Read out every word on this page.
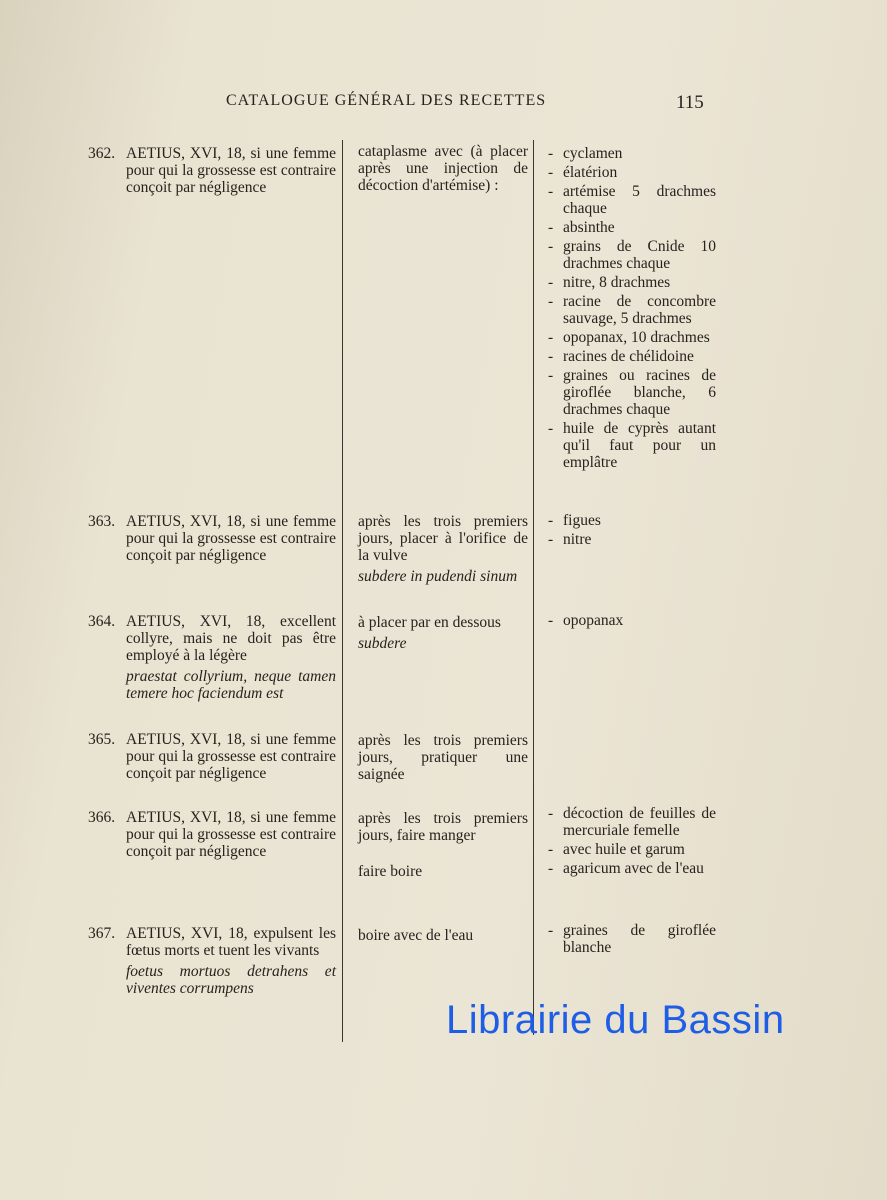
CATALOGUE GÉNÉRAL DES RECETTES	115
362. AETIUS, XVI, 18, si une femme pour qui la grossesse est contraire conçoit par négligence
cataplasme avec (à placer après une injection de décoction d'artémise) :
- cyclamen
- élatérion
- artémise 5 drachmes chaque
- absinthe
- grains de Cnide 10 drachmes chaque
- nitre, 8 drachmes
- racine de concombre sauvage, 5 drachmes
- opopanax, 10 drachmes
- racines de chélidoine
- graines ou racines de giroflée blanche, 6 drachmes chaque
- huile de cyprès autant qu'il faut pour un emplâtre
363. AETIUS, XVI, 18, si une femme pour qui la grossesse est contraire conçoit par négligence
après les trois premiers jours, placer à l'orifice de la vulve
subdere in pudendi sinum
- figues
- nitre
364. AETIUS, XVI, 18, excellent collyre, mais ne doit pas être employé à la légère
praestat collyrium, neque tamen temere hoc faciendum est
à placer par en dessous
subdere
- opopanax
365. AETIUS, XVI, 18, si une femme pour qui la grossesse est contraire conçoit par négligence
après les trois premiers jours, pratiquer une saignée
366. AETIUS, XVI, 18, si une femme pour qui la grossesse est contraire conçoit par négligence
après les trois premiers jours, faire manger
faire boire
- décoction de feuilles de mercuriale femelle
- avec huile et garum
- agaricum avec de l'eau
367. AETIUS, XVI, 18, expulsent les fœtus morts et tuent les vivants
foetus mortuos detrahens et viventes corrumpens
boire avec de l'eau	- graines de giroflée blanche
Librairie du Bassin
